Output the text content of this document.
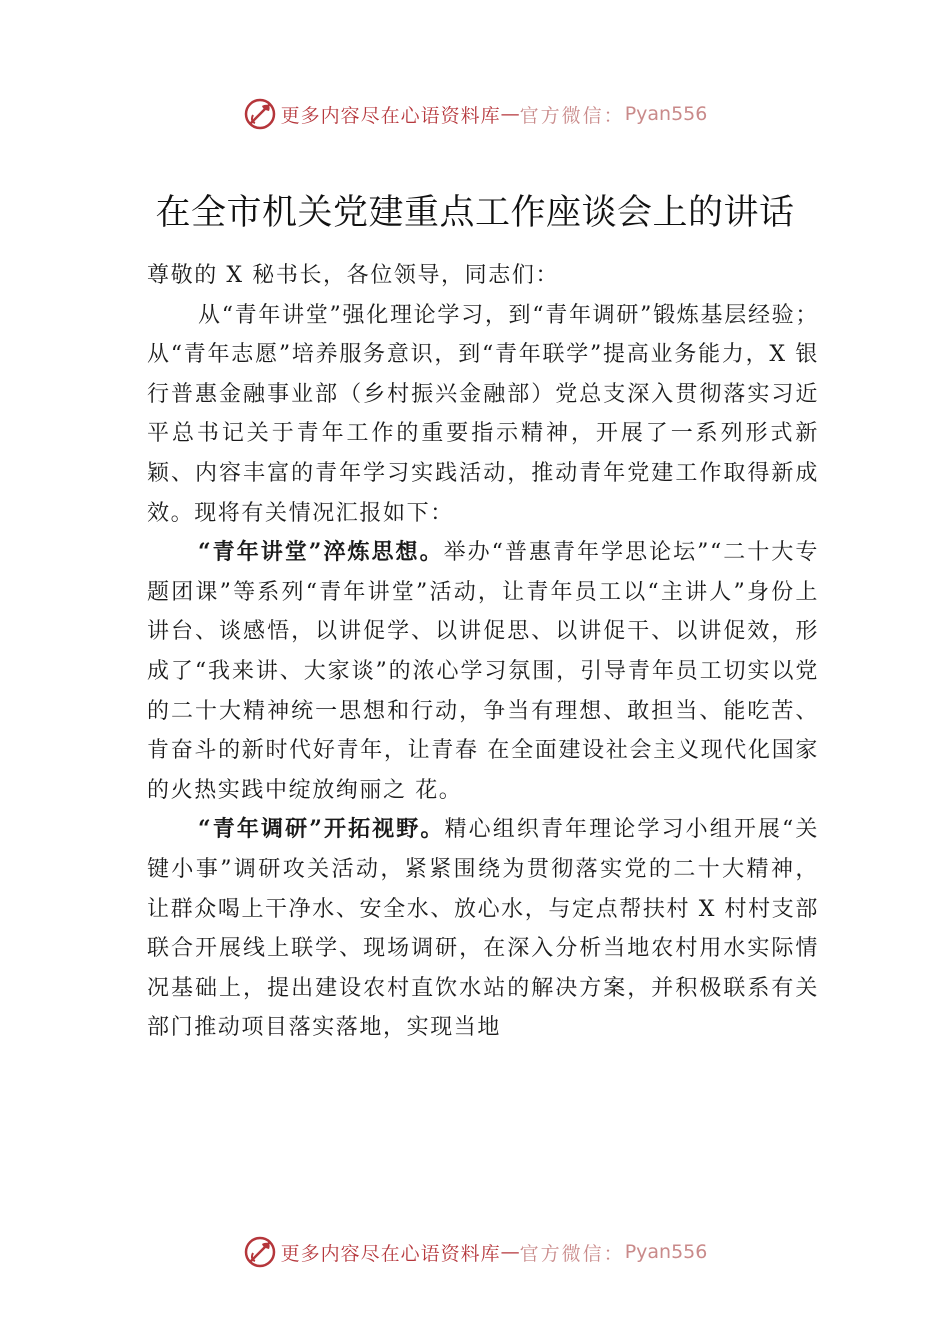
更多内容尽在心语资料库 — 官方微信： Pyan556
在全市机关党建重点工作座谈会上的讲话

尊敬的 X 秘书长，各位领导，同志们：

从“青年讲堂”强化理论学习，到“青年调研”锻炼基层经验；从“青年志愿”培养服务意识，到“青年联学”提高业务能力，X 银行普惠金融事业部（乡村振兴金融部）党总支深入贯彻落实习近平总书记关于青年工作的重要指示精神，开展了一系列形式新颖、内容丰富的青年学习实践活动，推动青年党建工作取得新成效。现将有关情况汇报如下：

“青年讲堂”淬炼思想。举办“普惠青年学思论坛”“二十大专题团课”等系列“青年讲堂”活动，让青年员工以“主讲人”身份上讲台、谈感悟，以讲促学、以讲促思、以讲促干、以讲促效，形成了“我来讲、大家谈”的浓心学习氛围，引导青年员工切实以党的二十大精神统一思想和行动，争当有理想、敢担当、能吃苦、肯奋斗的新时代好青年，让青春 在全面建设社会主义现代化国家的火热实践中绽放绚丽之 花。

“青年调研”开拓视野。精心组织青年理论学习小组开展“关键小事”调研攻关活动，紧紧围绕为贯彻落实党的二十大精神，让群众喝上干净水、安全水、放心水，与定点帮扶村 X 村村支部联合开展线上联学、现场调研，在深入分析当地农村用水实际情况基础上，提出建设农村直饮水站的解决方案，并积极联系有关部门推动项目落实落地，实现当地

更多内容尽在心语资料库 — 官方微信： Pyan556
